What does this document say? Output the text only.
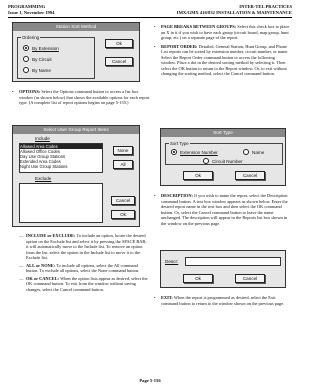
PROGRAMMING
Issue 1, November 1994
INTER-TEL PRACTICES
IMX/GMX 416/832 INSTALLATION & MAINTENANCE
Station Sort Method
Ordering
By Extension
By Circuit
By Name
Ok
Cancel
•	OPTIONS: Select the Options command button to access a list box window (as shown below) that shows the available options for each report type. (A complete list of report options begins on page 5-155.)
Select User Group Report Items
Include
Allowed Area Codes
Allowed Office Codes
Day Use Group Stations
Extended Area Codes
Night Use Group Stations
Exclude
None
All
Cancel
Ok
— INCLUDE or EXCLUDE: To include an option, locate the desired option on the Exclude list and select it by pressing the SPACE BAR; it will automatically move to the Include list. To remove an option from the list, select the option in the Include list to move it to the Exclude list.
— ALL or NONE: To include all options, select the All command button. To exclude all options, select the None command button.
— OK or CANCEL: When the option lists appear as desired, select the OK command button. To exit from the window without saving changes, select the Cancel command button.
•	PAGE BREAKS BETWEEN GROUPS: Select this check box to place an X in it if you wish to have each group (circuit board, map group, hunt group, etc.) on a separate page of the report.
•	REPORT ORDER: Detailed, General Station, Hunt Group, and Phone List reports can be sorted by extension number, circuit number, or name. Select the Report Order command button to access the following window. Place a dot in the desired sorting method by selecting it. Then select the OK button to return to the Report window. Or, to exit without changing the sorting method, select the Cancel command button.
Sort Type
Sort Type
Extension Number	Name
Circuit Number
Ok	Cancel
•	DESCRIPTION: If you wish to name the report, select the Description command button. A text box window appears as shown below. Enter the desired report name in the text box and then select the OK command button. Or, select the Cancel command button to leave the name unchanged. The description will appear in the Reports list box shown in the window on the previous page.
Descr:
Ok	Cancel
•	EXIT: When the report is programmed as desired, select the Exit command button to return to the window shown on the previous page.
Page 5-156
